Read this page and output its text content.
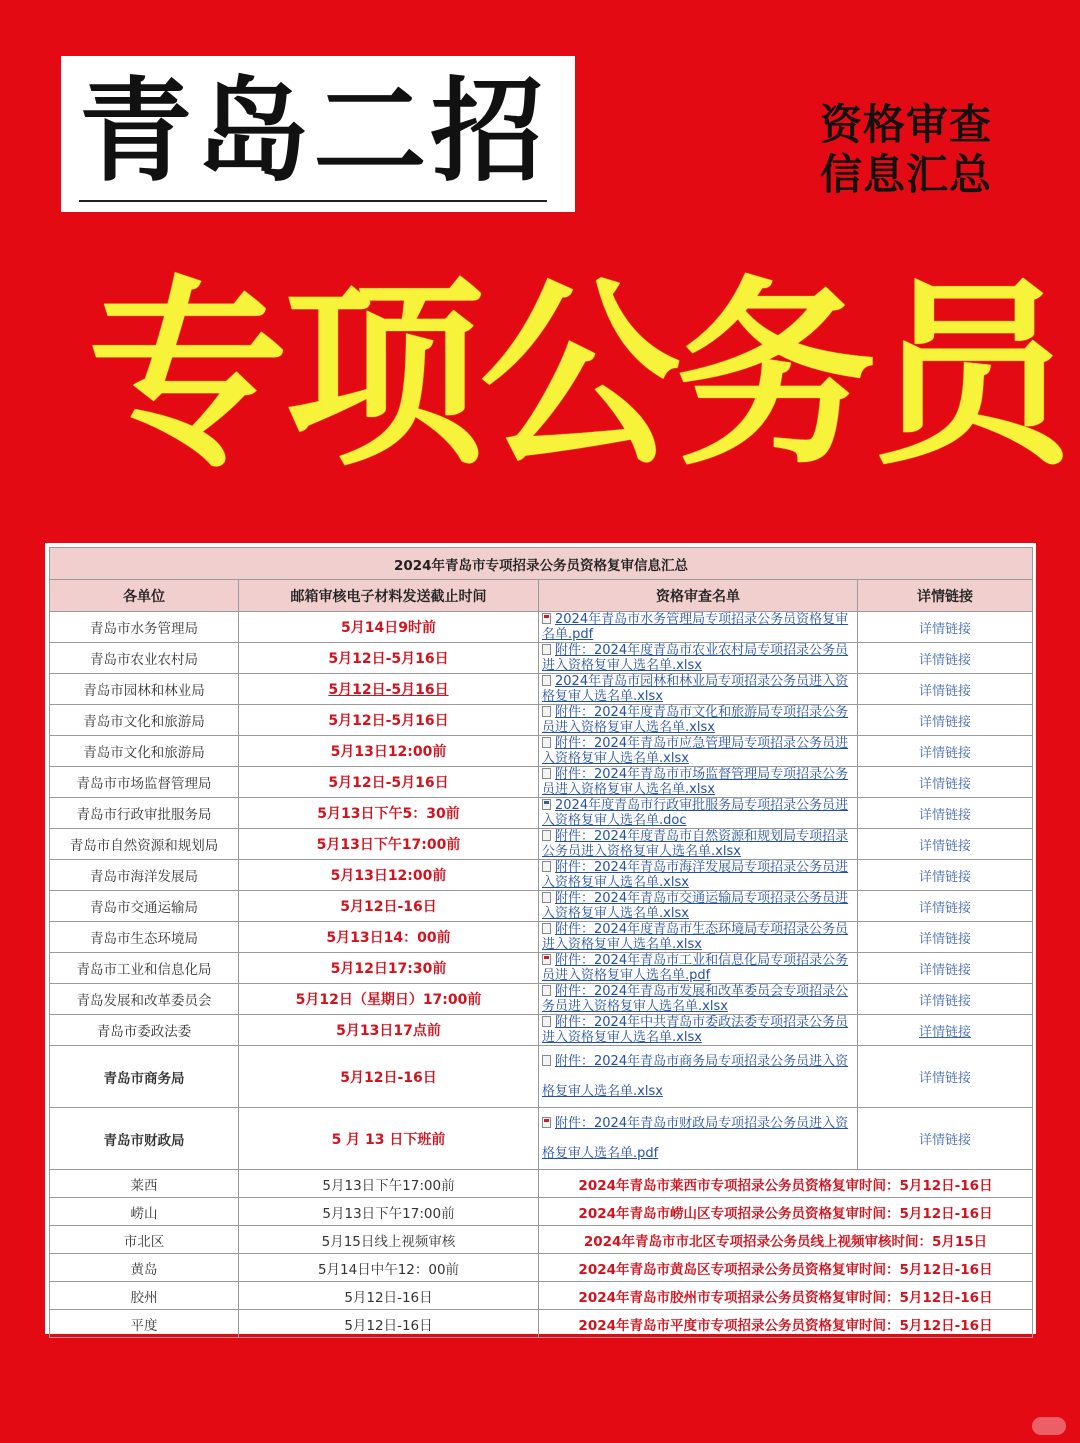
青岛二招	资格审查
信息汇总
专项公务员
2024年青岛市专项招录公务员资格复审信息汇总			
各单位	邮箱审核电子材料发送截止时间	资格审查名单	详情链接
青岛市水务管理局	5月14日9时前	2024年青岛市水务管理局专项招录公务员资格复审名单.pdf	详情链接
青岛市农业农村局	5月12日-5月16日	附件：2024年度青岛市农业农村局专项招录公务员进入资格复审人选名单.xlsx	详情链接
青岛市园林和林业局	5月12日-5月16日	2024年青岛市园林和林业局专项招录公务员进入资格复审人选名单.xlsx	详情链接
青岛市文化和旅游局	5月12日-5月16日	附件：2024年度青岛市文化和旅游局专项招录公务员进入资格复审人选名单.xlsx	详情链接
青岛市文化和旅游局	5月13日12:00前	附件：2024年青岛市应急管理局专项招录公务员进入资格复审人选名单.xlsx	详情链接
青岛市市场监督管理局	5月12日-5月16日	附件：2024年青岛市市场监督管理局专项招录公务员进入资格复审人选名单.xlsx	详情链接
青岛市行政审批服务局	5月13日下午5：30前	2024年度青岛市行政审批服务局专项招录公务员进入资格复审人选名单.doc	详情链接
青岛市自然资源和规划局	5月13日下午17:00前	附件：2024年度青岛市自然资源和规划局专项招录公务员进入资格复审人选名单.xlsx	详情链接
青岛市海洋发展局	5月13日12:00前	附件：2024年青岛市海洋发展局专项招录公务员进入资格复审人选名单.xlsx	详情链接
青岛市交通运输局	5月12日-16日	附件：2024年青岛市交通运输局专项招录公务员进入资格复审人选名单.xlsx	详情链接
青岛市生态环境局	5月13日14：00前	附件：2024年度青岛市生态环境局专项招录公务员进入资格复审人选名单.xlsx	详情链接
青岛市工业和信息化局	5月12日17:30前	附件：2024年青岛市工业和信息化局专项招录公务员进入资格复审人选名单.pdf	详情链接
青岛发展和改革委员会	5月12日（星期日）17:00前	附件：2024年青岛市发展和改革委员会专项招录公务员进入资格复审人选名单.xlsx	详情链接
青岛市委政法委	5月13日17点前	附件：2024年中共青岛市委政法委专项招录公务员进入资格复审人选名单.xlsx	详情链接
青岛市商务局	5月12日-16日	附件：2024年青岛市商务局专项招录公务员进入资格复审人选名单.xlsx	详情链接
青岛市财政局	5 月 13 日下班前	附件：2024年青岛市财政局专项招录公务员进入资格复审人选名单.pdf	详情链接
莱西	5月13日下午17:00前	2024年青岛市莱西市专项招录公务员资格复审时间：5月12日-16日	
崂山	5月13日下午17:00前	2024年青岛市崂山区专项招录公务员资格复审时间：5月12日-16日	
市北区	5月15日线上视频审核	2024年青岛市市北区专项招录公务员线上视频审核时间：5月15日	
黄岛	5月14日中午12：00前	2024年青岛市黄岛区专项招录公务员资格复审时间：5月12日-16日	
胶州	5月12日-16日	2024年青岛市胶州市专项招录公务员资格复审时间：5月12日-16日	
平度	5月12日-16日	2024年青岛市平度市专项招录公务员资格复审时间：5月12日-16日	
